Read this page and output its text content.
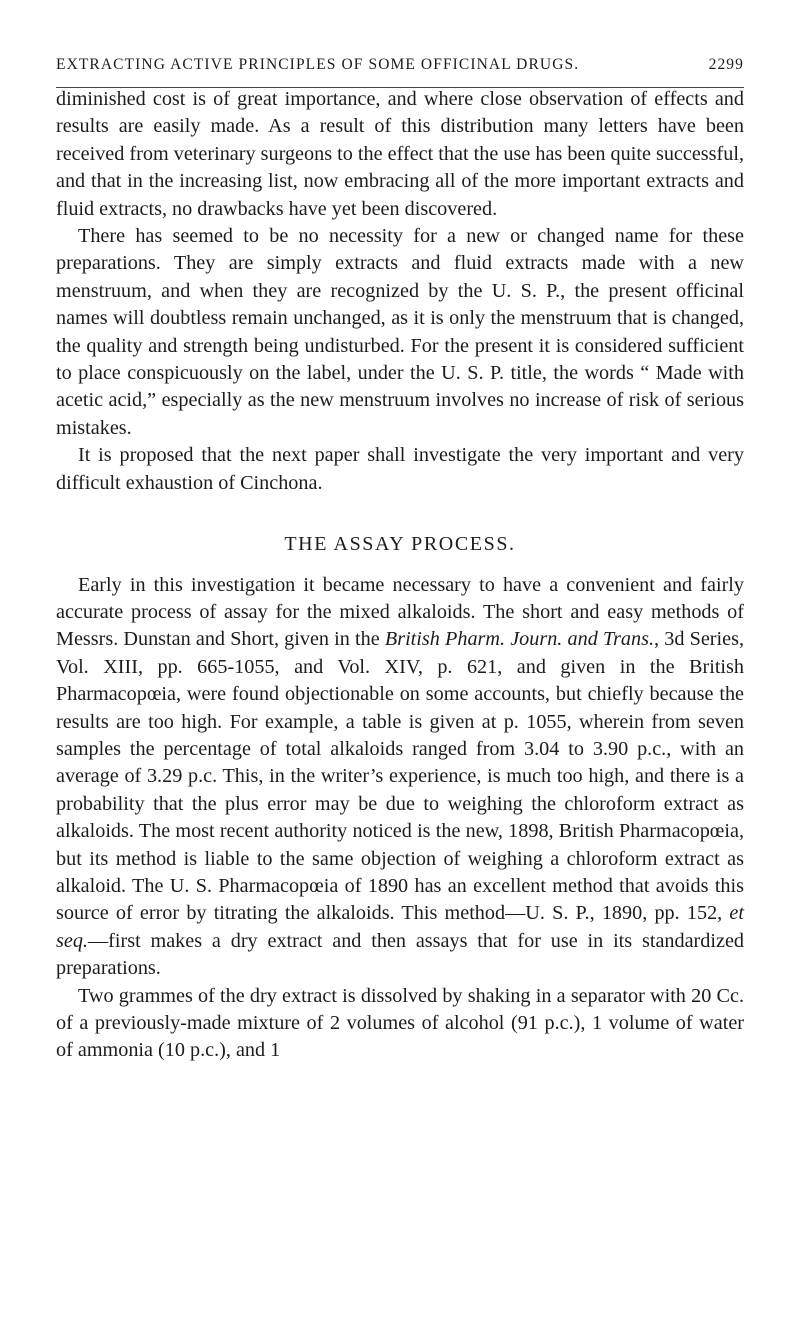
EXTRACTING ACTIVE PRINCIPLES OF SOME OFFICINAL DRUGS.	2299

diminished cost is of great importance, and where close observation of effects and results are easily made. As a result of this distribution many letters have been received from veterinary surgeons to the effect that the use has been quite successful, and that in the increasing list, now embracing all of the more important extracts and fluid extracts, no drawbacks have yet been discovered.

There has seemed to be no necessity for a new or changed name for these preparations. They are simply extracts and fluid extracts made with a new menstruum, and when they are recognized by the U. S. P., the present officinal names will doubtless remain unchanged, as it is only the menstruum that is changed, the quality and strength being undisturbed. For the present it is considered sufficient to place conspicuously on the label, under the U. S. P. title, the words “ Made with acetic acid,” especially as the new menstruum involves no increase of risk of serious mistakes.

It is proposed that the next paper shall investigate the very important and very difficult exhaustion of Cinchona.

THE ASSAY PROCESS.

Early in this investigation it became necessary to have a convenient and fairly accurate process of assay for the mixed alkaloids. The short and easy methods of Messrs. Dunstan and Short, given in the British Pharm. Journ. and Trans., 3d Series, Vol. XIII, pp. 665-1055, and Vol. XIV, p. 621, and given in the British Pharmacopœia, were found objectionable on some accounts, but chiefly because the results are too high. For example, a table is given at p. 1055, wherein from seven samples the percentage of total alkaloids ranged from 3.04 to 3.90 p.c., with an average of 3.29 p.c. This, in the writer’s experience, is much too high, and there is a probability that the plus error may be due to weighing the chloroform extract as alkaloids. The most recent authority noticed is the new, 1898, British Pharmacopœia, but its method is liable to the same objection of weighing a chloroform extract as alkaloid. The U. S. Pharmacopœia of 1890 has an excellent method that avoids this source of error by titrating the alkaloids. This method—U. S. P., 1890, pp. 152, et seq.—first makes a dry extract and then assays that for use in its standardized preparations.

Two grammes of the dry extract is dissolved by shaking in a separator with 20 Cc. of a previously-made mixture of 2 volumes of alcohol (91 p.c.), 1 volume of water of ammonia (10 p.c.), and 1
